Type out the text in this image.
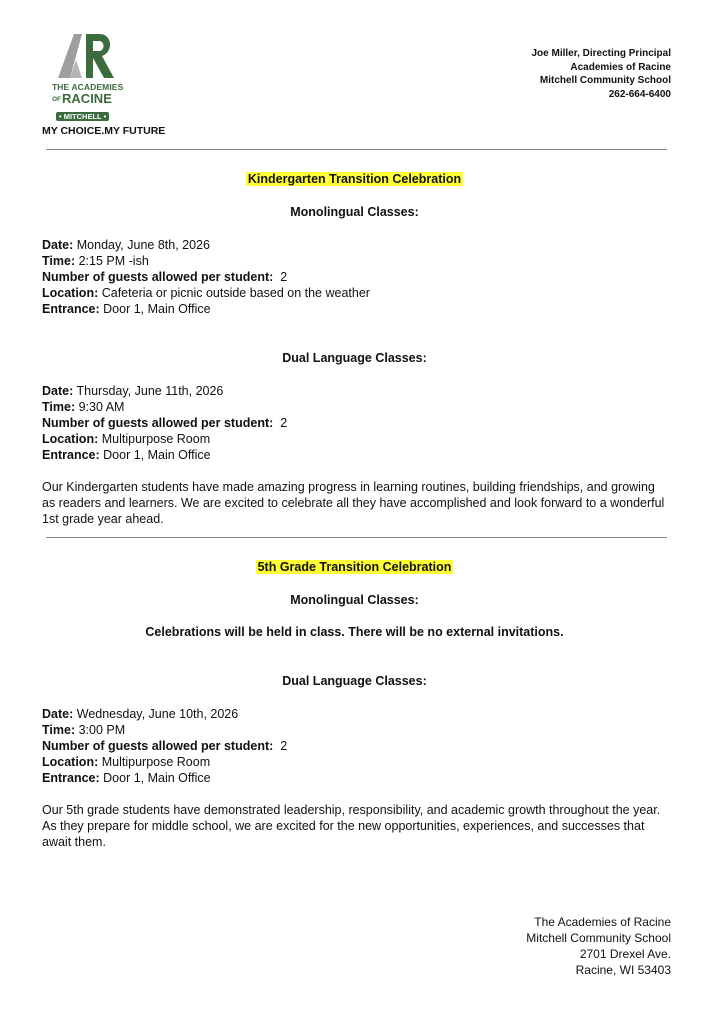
THE ACADEMIES
OFRACINE
• MITCHELL •
MY CHOICE.MY FUTURE
Joe Miller, Directing Principal
Academies of Racine
Mitchell Community School
262-664-6400

Kindergarten Transition Celebration

Monolingual Classes:

Date: Monday, June 8th, 2026

Time: 2:15 PM -ish

Number of guests allowed per student: 2

Location: Cafeteria or picnic outside based on the weather

Entrance: Door 1, Main Office

Dual Language Classes:

Date: Thursday, June 11th, 2026

Time: 9:30 AM

Number of guests allowed per student: 2

Location: Multipurpose Room

Entrance: Door 1, Main Office

Our Kindergarten students have made amazing progress in learning routines, building friendships, and growing as readers and learners. We are excited to celebrate all they have accomplished and look forward to a wonderful 1st grade year ahead.

5th Grade Transition Celebration

Monolingual Classes:

Celebrations will be held in class. There will be no external invitations.

Dual Language Classes:

Date: Wednesday, June 10th, 2026

Time: 3:00 PM

Number of guests allowed per student: 2

Location: Multipurpose Room

Entrance: Door 1, Main Office

Our 5th grade students have demonstrated leadership, responsibility, and academic growth throughout the year. As they prepare for middle school, we are excited for the new opportunities, experiences, and successes that await them.

The Academies of Racine
Mitchell Community School
2701 Drexel Ave.
Racine, WI 53403
